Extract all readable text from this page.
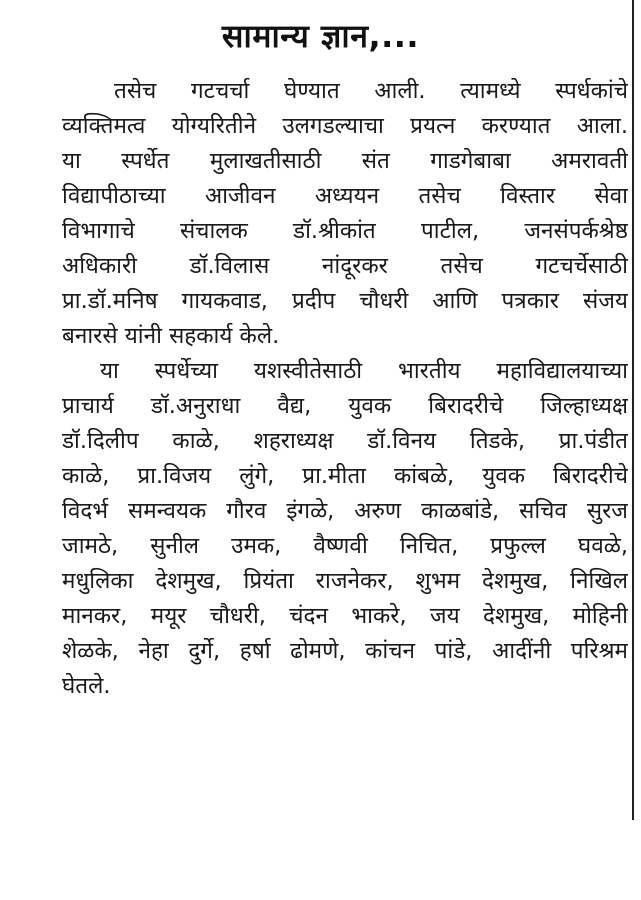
सामान्य ज्ञान,...

तसेच गटचर्चा घेण्यात आली. त्यामध्ये स्पर्धकांचे
व्यक्तिमत्व योग्यरितीने उलगडल्याचा प्रयत्न करण्यात आला.
या स्पर्धेत मुलाखतीसाठी संत गाडगेबाबा अमरावती
विद्यापीठाच्या आजीवन अध्ययन तसेच विस्तार सेवा
विभागाचे संचालक डॉ.श्रीकांत पाटील, जनसंपर्कश्रेष्ठ
अधिकारी डॉ.विलास नांदूरकर तसेच गटचर्चेसाठी
प्रा.डॉ.मनिष गायकवाड, प्रदीप चौधरी आणि पत्रकार संजय
बनारसे यांनी सहकार्य केले.

या स्पर्धेच्या यशस्वीतेसाठी भारतीय महाविद्यालयाच्या
प्राचार्य डॉ.अनुराधा वैद्य, युवक बिरादरीचे जिल्हाध्यक्ष
डॉ.दिलीप काळे, शहराध्यक्ष डॉ.विनय तिडके, प्रा.पंडीत
काळे, प्रा.विजय लुंगे, प्रा.मीता कांबळे, युवक बिरादरीचे
विदर्भ समन्वयक गौरव इंगळे, अरुण काळबांडे, सचिव सुरज
जामठे, सुनील उमक, वैष्णवी निचित, प्रफुल्ल घवळे,
मधुलिका देशमुख, प्रियंता राजनेकर, शुभम देशमुख, निखिल
मानकर, मयूर चौधरी, चंदन भाकरे, जय देशमुख, मोहिनी
शेळके, नेहा दुर्गे, हर्षा ढोमणे, कांचन पांडे, आदींनी परिश्रम
घेतले.
